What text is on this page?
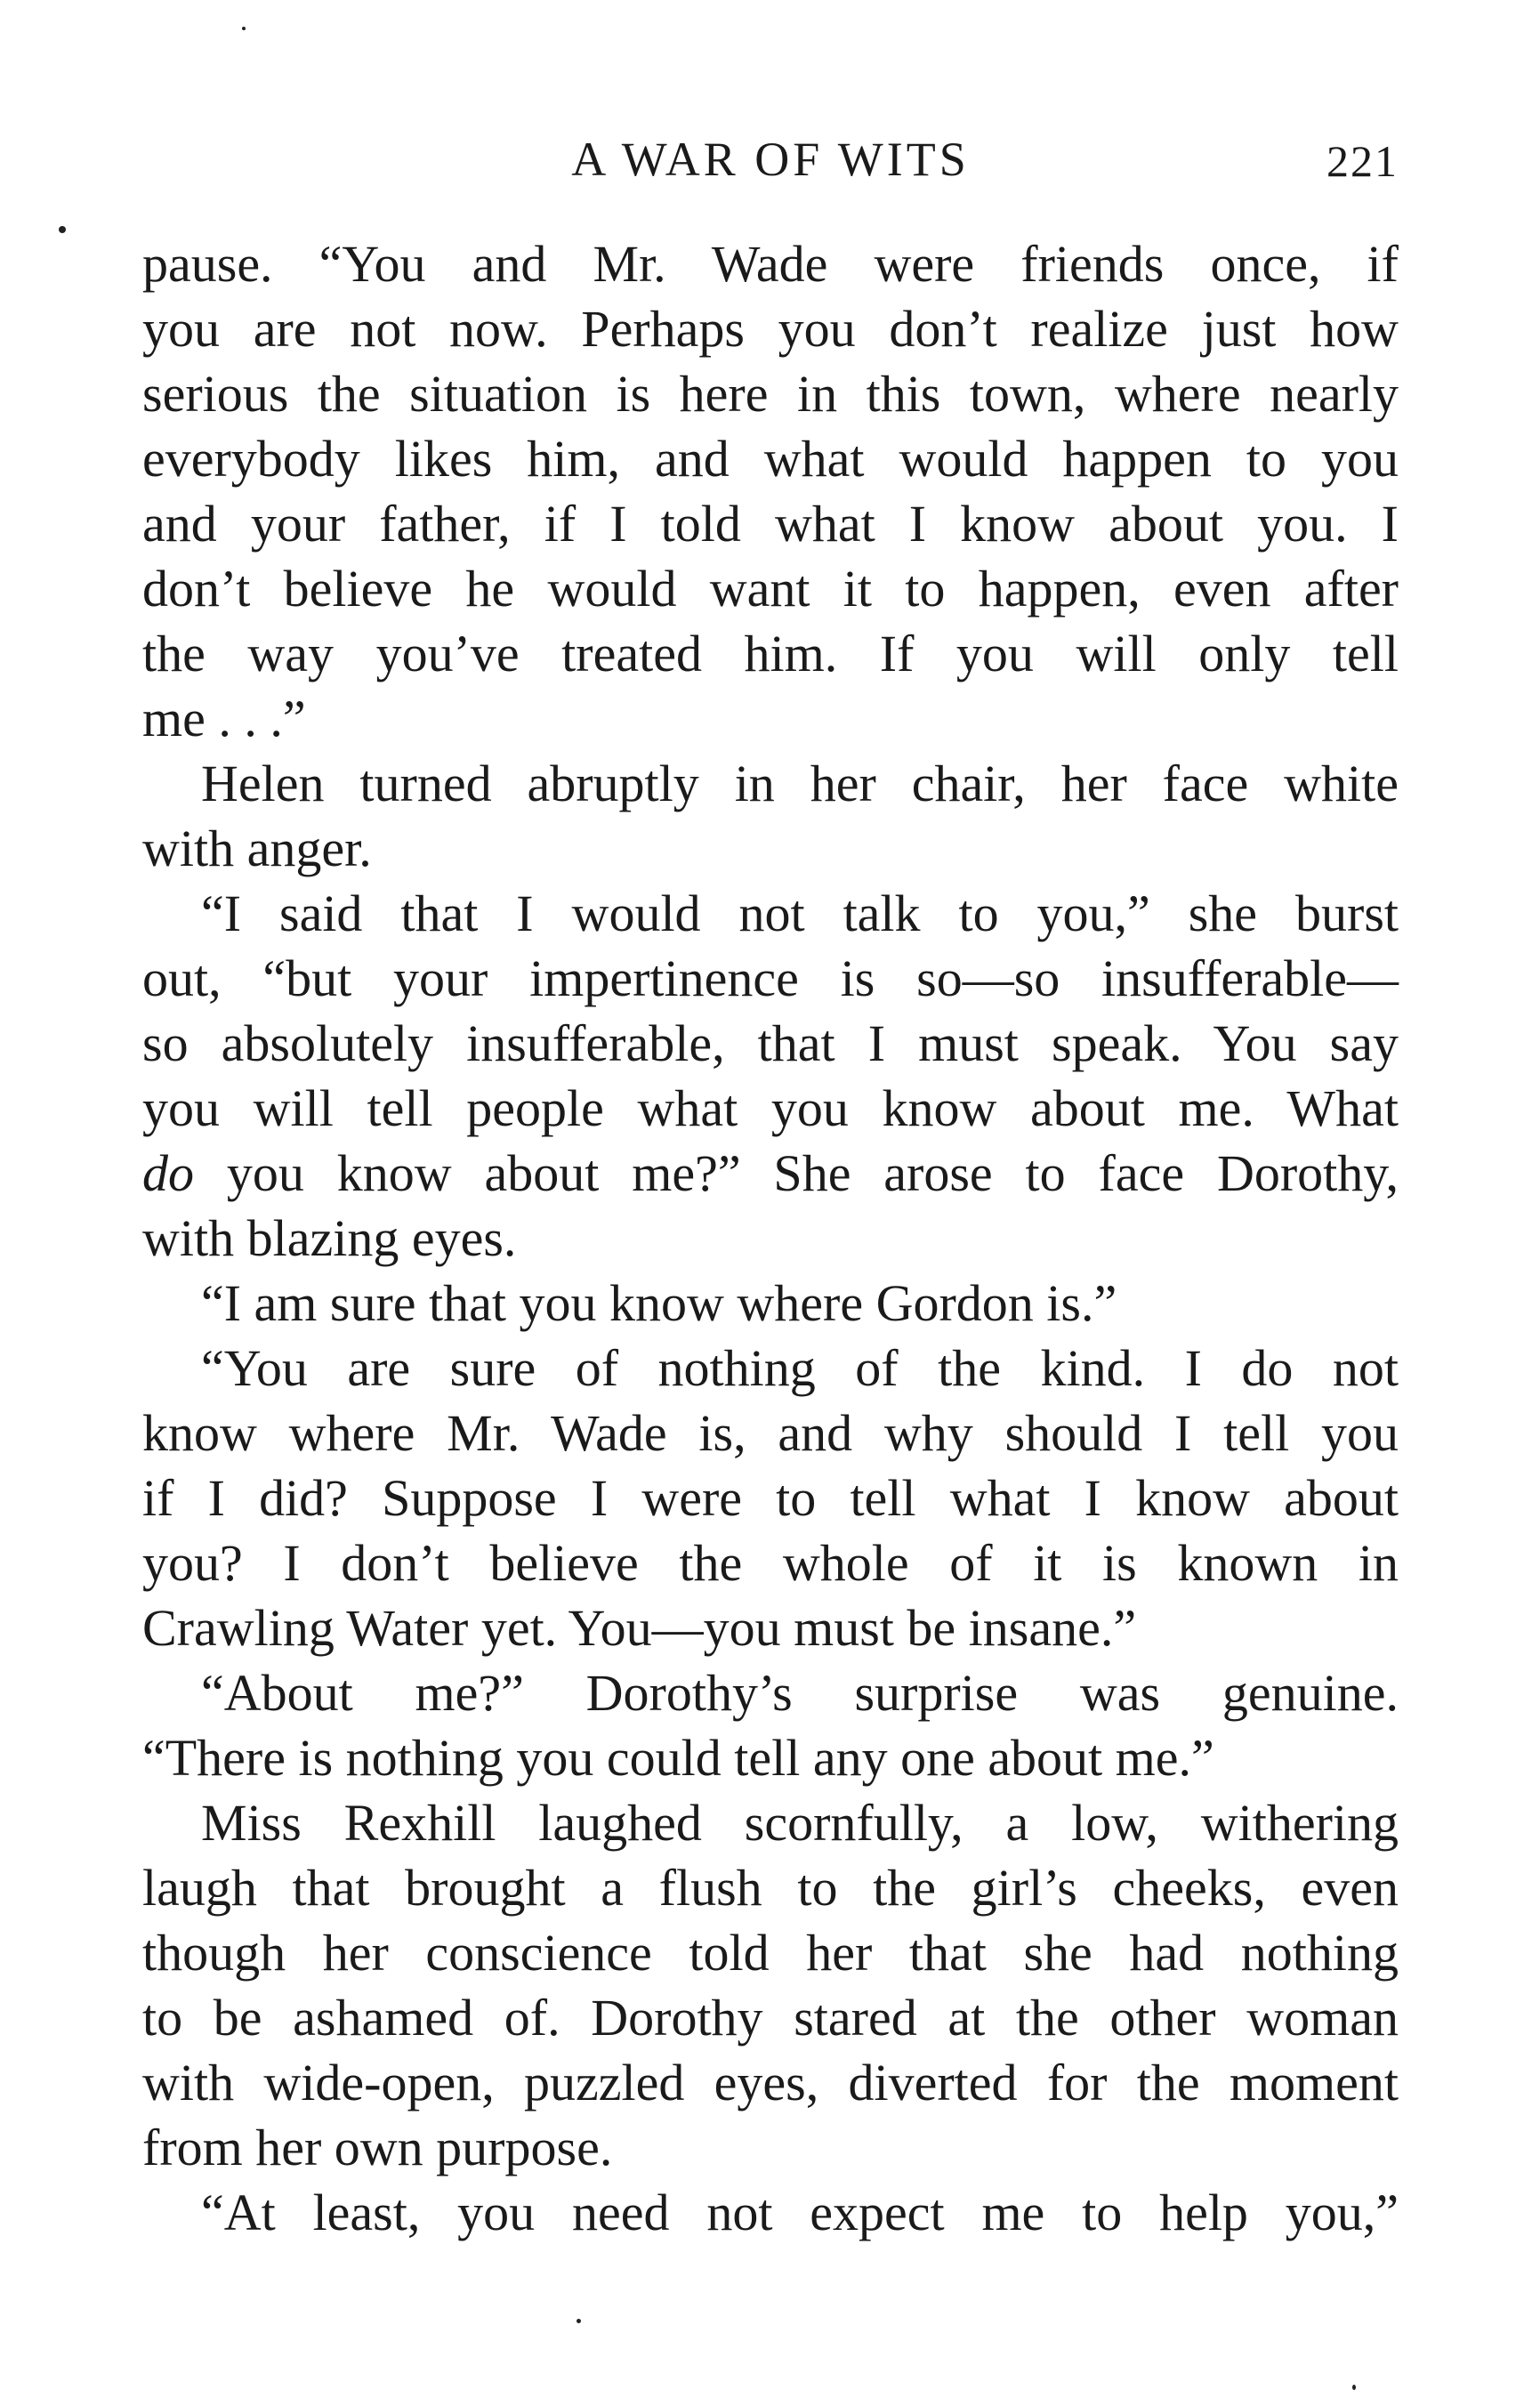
A WAR OF WITS	221
pause. “You and Mr. Wade were friends once, if
you are not now. Perhaps you don’t realize just how
serious the situation is here in this town, where nearly
everybody likes him, and what would happen to you
and your father, if I told what I know about you. I
don’t believe he would want it to happen, even after
the way you’ve treated him. If you will only tell
me . . .”
Helen turned abruptly in her chair, her face white
with anger.
“I said that I would not talk to you,” she burst
out, “but your impertinence is so—so insufferable—
so absolutely insufferable, that I must speak. You say
you will tell people what you know about me. What
do you know about me?” She arose to face Dorothy,
with blazing eyes.
“I am sure that you know where Gordon is.”
“You are sure of nothing of the kind. I do not
know where Mr. Wade is, and why should I tell you
if I did? Suppose I were to tell what I know about
you? I don’t believe the whole of it is known in
Crawling Water yet. You—you must be insane.”
“About me?” Dorothy’s surprise was genuine.
“There is nothing you could tell any one about me.”
Miss Rexhill laughed scornfully, a low, withering
laugh that brought a flush to the girl’s cheeks, even
though her conscience told her that she had nothing
to be ashamed of. Dorothy stared at the other woman
with wide-open, puzzled eyes, diverted for the moment
from her own purpose.
“At least, you need not expect me to help you,”
